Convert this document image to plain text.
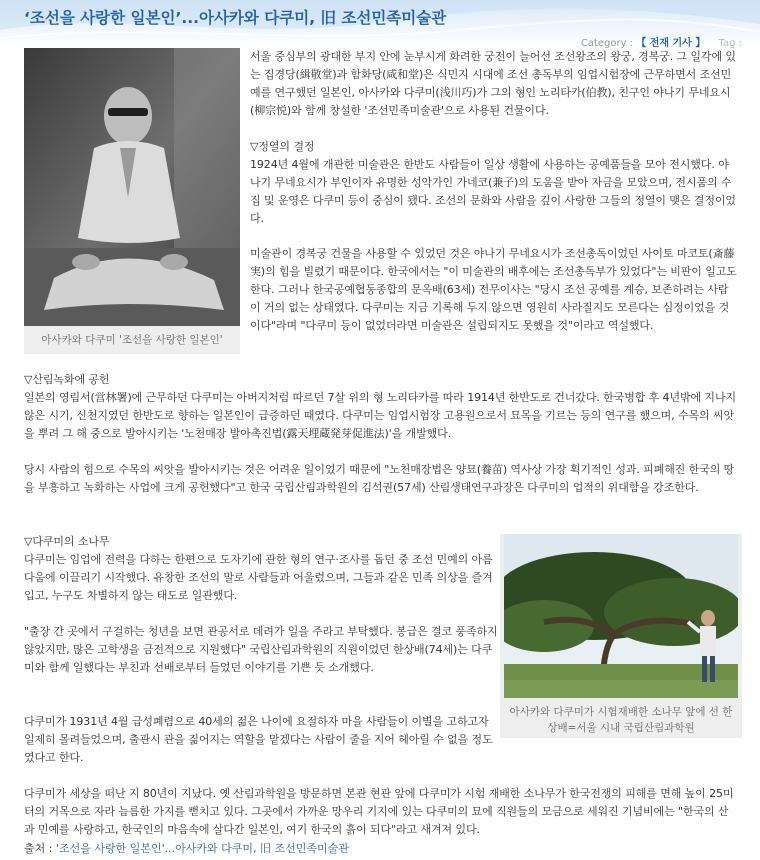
‘조선을 사랑한 일본인’...아사카와 다쿠미, 旧 조선민족미술관
Category : 【 전재 기사 】 Tag :
아사카와 다쿠미 '조선을 사랑한 일본인'

서울 중심부의 광대한 부지 안에 눈부시게 화려한 궁전이 늘어선 조선왕조의 왕궁, 경복궁. 그 일각에 있는 집경당(緝敬堂)과 함화당(咸和堂)은 식민지 시대에 조선 총독부의 임업시험장에 근무하면서 조선민예를 연구했던 일본인, 아사카와 다쿠미(浅川巧)가 그의 형인 노리타카(伯教), 친구인 야나기 무네요시(柳宗悦)와 함께 창설한 '조선민족미술관'으로 사용된 건물이다.

▽정열의 결정

1924년 4월에 개관한 미술관은 한반도 사람들이 일상 생활에 사용하는 공예품들을 모아 전시했다. 야나기 무네요시가 부인이자 유명한 성악가인 가네코(兼子)의 도움을 받아 자금을 모았으며, 전시품의 수집 및 운영은 다쿠미 등이 중심이 됐다. 조선의 문화와 사람을 깊이 사랑한 그들의 정열이 맺은 결정이었다.

미술관이 경복궁 건물을 사용할 수 있었던 것은 야나기 무네요시가 조선총독이었던 사이토 마코토(斎藤実)의 힘을 빌렸기 때문이다. 한국에서는 "이 미술관의 배후에는 조선총독부가 있었다"는 비판이 일고도 한다. 그러나 한국공예협동종합의 문옥배(63세) 전무이사는 "당시 조선 공예를 계승, 보존하려는 사람이 거의 없는 상태였다. 다쿠미는 지금 기록해 두지 않으면 영원히 사라질지도 모른다는 심정이었을 것이다"라며 "다쿠미 등이 없었더라면 미술관은 설립되지도 못했을 것"이라고 역설했다.

▽산림녹화에 공헌

일본의 영림서(営林署)에 근무하던 다쿠미는 아버지처럼 따르던 7살 위의 형 노리타카를 따라 1914년 한반도로 건너갔다. 한국병합 후 4년밖에 지나지 않은 시기, 신천지였던 한반도로 향하는 일본인이 급증하던 때였다. 다쿠미는 임업시험장 고용원으로서 묘목을 기르는 등의 연구를 했으며, 수목의 씨앗을 뿌려 그 해 중으로 발아시키는 '노천매장 발아촉진법(露天埋蔵発芽促進法)'을 개발했다.

당시 사람의 힘으로 수목의 씨앗을 발아시키는 것은 어려운 일이었기 때문에 "노천매장법은 양묘(養苗) 역사상 가장 획기적인 성과. 피폐해진 한국의 땅을 부흥하고 녹화하는 사업에 크게 공헌했다"고 한국 국립산림과학원의 김석권(57세) 산림생태연구과장은 다쿠미의 업적의 위대함을 강조한다.

▽다쿠미의 소나무

다쿠미는 임업에 전력을 다하는 한편으로 도자기에 관한 형의 연구·조사를 돕던 중 조선 민예의 아름다움에 이끌리기 시작했다. 유창한 조선의 말로 사람들과 어울렸으며, 그들과 같은 민족 의상을 즐겨 입고, 누구도 차별하지 않는 태도로 일관했다.

"출장 간 곳에서 구걸하는 청년을 보면 관공서로 데려가 일을 주라고 부탁했다. 봉급은 결코 풍족하지 않았지만, 많은 고학생을 금전적으로 지원했다" 국립산림과학원의 직원이었던 한상배(74세)는 다쿠미와 함께 일했다는 부친과 선배로부터 들었던 이야기를 기쁜 듯 소개했다.

다쿠미가 1931년 4월 급성폐렴으로 40세의 젊은 나이에 요절하자 마을 사람들이 이별을 고하고자 일제히 몰려들었으며, 출관시 관을 짊어지는 역할을 맡겠다는 사람이 줄을 지어 헤아릴 수 없을 정도였다고 한다.

다쿠미가 세상을 떠난 지 80년이 지났다. 옛 산림과학원을 방문하면 본관 현관 앞에 다쿠미가 시험 재배한 소나무가 한국전쟁의 피해를 면해 높이 25미터의 거목으로 자라 늠름한 가지를 뻗치고 있다. 그곳에서 가까운 망우리 기지에 있는 다쿠미의 묘에 직원들의 모금으로 세워진 기념비에는 "한국의 산과 민예를 사랑하고, 한국인의 마음속에 살다간 일본인, 여기 한국의 흙이 되다"라고 새겨져 있다.

아사카와 다쿠미가 시험재배한 소나무 앞에 선 한상배=서울 시내 국립산림과학원
출처 : '조선을 사랑한 일본인'...아사카와 다쿠미, 旧 조선민족미술관
